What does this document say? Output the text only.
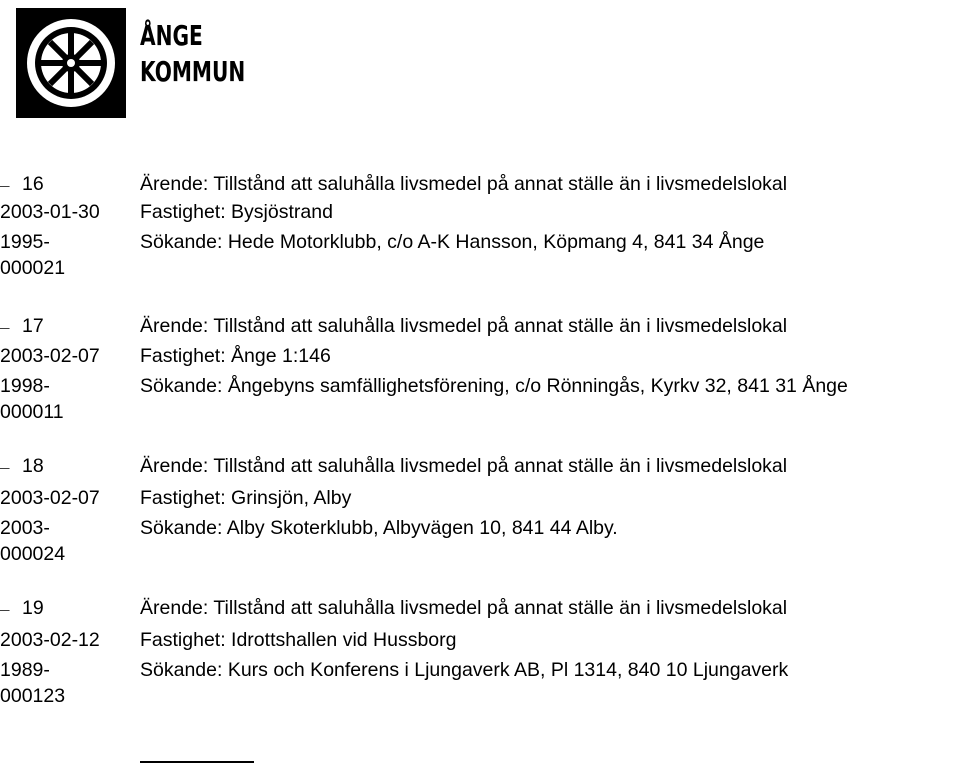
ÅNGE
KOMMUN
¯ 16
2003-01-30
1995-
000021
Ärende: Tillstånd att saluhålla livsmedel på annat ställe än i livsmedelslokal
Fastighet: Bysjöstrand
Sökande: Hede Motorklubb, c/o A-K Hansson, Köpmang 4, 841 34 Ånge
¯ 17
2003-02-07
1998-
000011
Ärende: Tillstånd att saluhålla livsmedel på annat ställe än i livsmedelslokal
Fastighet: Ånge 1:146
Sökande: Ångebyns samfällighetsförening, c/o Rönningås, Kyrkv 32, 841 31 Ånge
¯ 18
2003-02-07
2003-
000024
Ärende: Tillstånd att saluhålla livsmedel på annat ställe än i livsmedelslokal
Fastighet: Grinsjön, Alby
Sökande: Alby Skoterklubb, Albyvägen 10, 841 44 Alby.
¯ 19
2003-02-12
1989-
000123
Ärende: Tillstånd att saluhålla livsmedel på annat ställe än i livsmedelslokal
Fastighet: Idrottshallen vid Hussborg
Sökande: Kurs och Konferens i Ljungaverk AB, Pl 1314, 840 10 Ljungaverk
